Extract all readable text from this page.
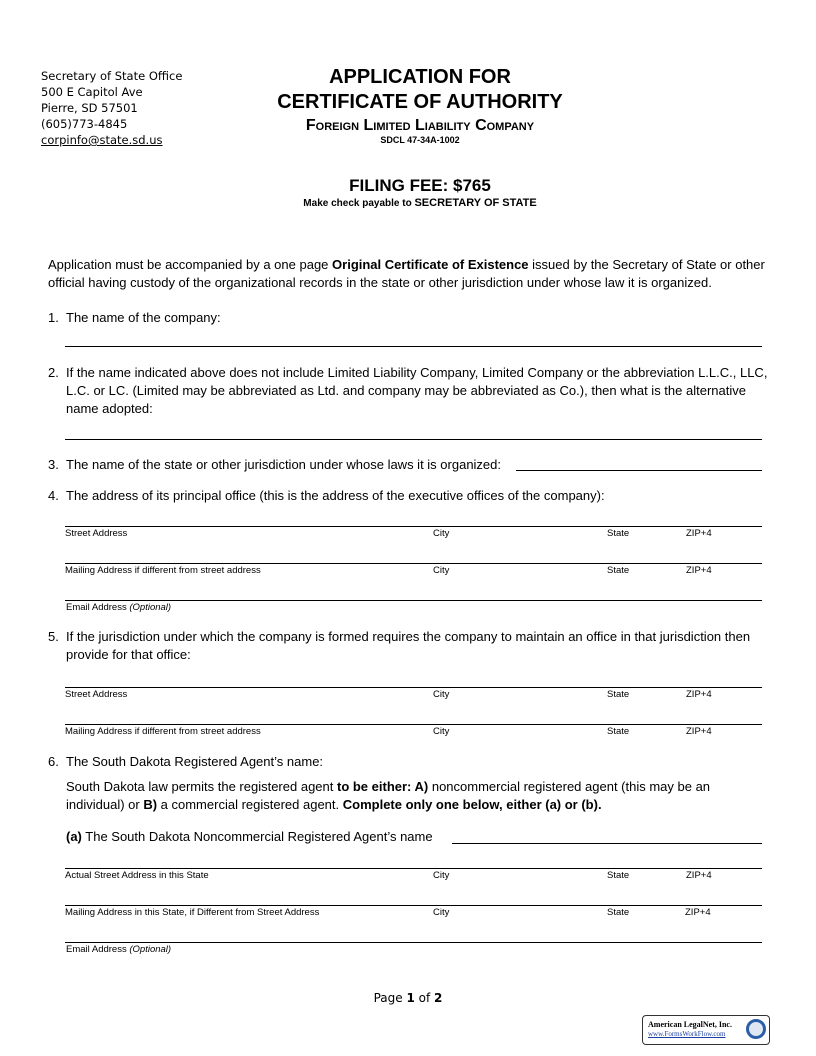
Secretary of State Office
500 E Capitol Ave
Pierre, SD 57501
(605)773-4845
corpinfo@state.sd.us
APPLICATION FOR
CERTIFICATE OF AUTHORITY
Foreign Limited Liability Company
SDCL 47-34A-1002
FILING FEE: $765
Make check payable to SECRETARY OF STATE
Application must be accompanied by a one page Original Certificate of Existence issued by the Secretary of State or other official having custody of the organizational records in the state or other jurisdiction under whose law it is organized.
1. The name of the company:
2. If the name indicated above does not include Limited Liability Company, Limited Company or the abbreviation L.L.C., LLC, L.C. or LC. (Limited may be abbreviated as Ltd. and company may be abbreviated as Co.), then what is the alternative name adopted:
3. The name of the state or other jurisdiction under whose laws it is organized:
4. The address of its principal office (this is the address of the executive offices of the company):
Street Address	City	State	ZIP+4
Mailing Address if different from street address	City	State	ZIP+4
Email Address (Optional)
5. If the jurisdiction under which the company is formed requires the company to maintain an office in that jurisdiction then provide for that office:
Street Address	City	State	ZIP+4
Mailing Address if different from street address	City	State	ZIP+4
6. The South Dakota Registered Agent’s name:
South Dakota law permits the registered agent to be either: A) noncommercial registered agent (this may be an individual) or B) a commercial registered agent. Complete only one below, either (a) or (b).
(a) The South Dakota Noncommercial Registered Agent’s name
Actual Street Address in this State	City	State	ZIP+4
Mailing Address in this State, if Different from Street Address	City	State	ZIP+4
Email Address (Optional)
Page 1 of 2
American LegalNet, Inc.
www.FormsWorkFlow.com
